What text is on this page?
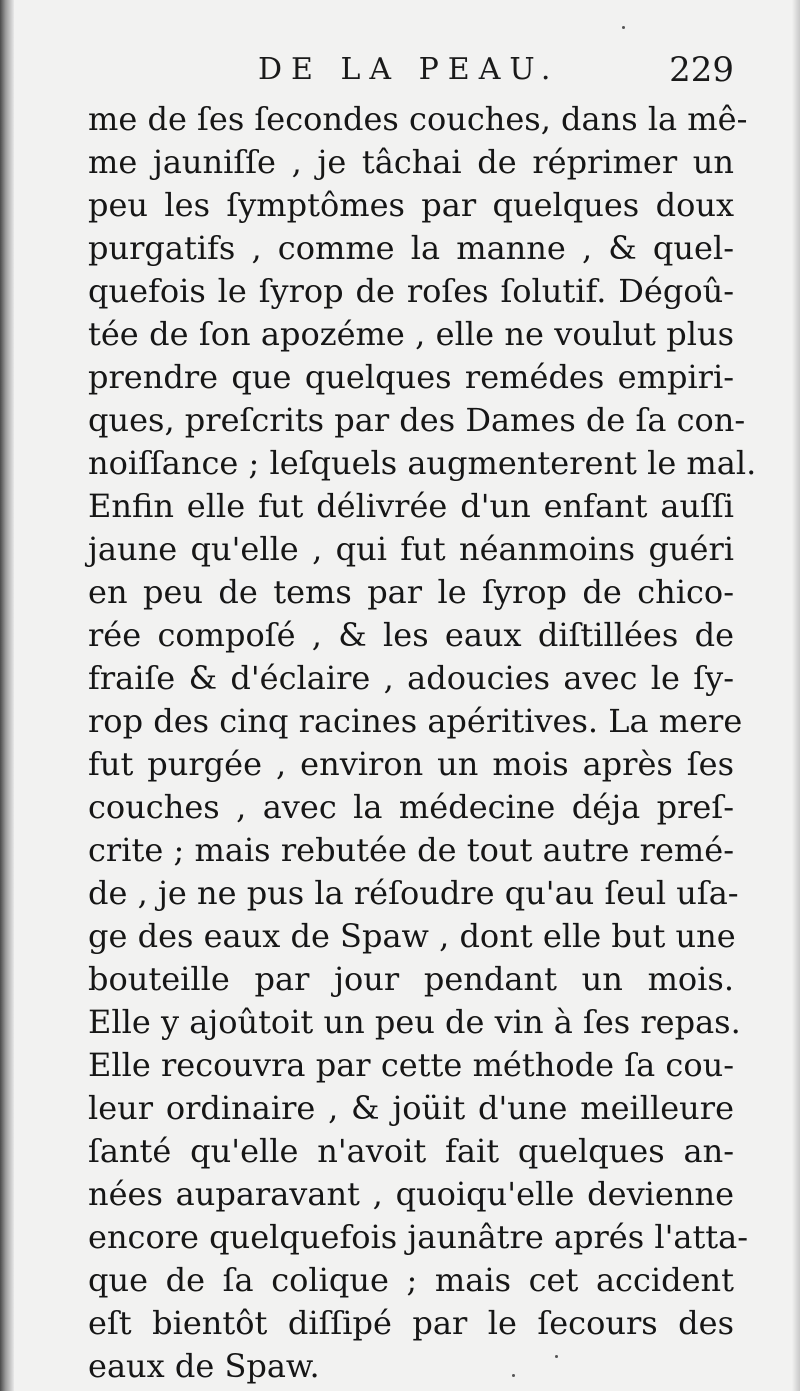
DE LA PEAU.	229
me de ſes ſecondes couches, dans la mê-
me jauniſſe , je tâchai de réprimer un
peu les ſymptômes par quelques doux
purgatifs , comme la manne , & quel-
quefois le ſyrop de roſes ſolutif. Dégoû-
tée de ſon apozéme , elle ne voulut plus
prendre que quelques remédes empiri-
ques, preſcrits par des Dames de ſa con-
noiſſance ; leſquels augmenterent le mal.
Enfin elle fut délivrée d'un enfant auſſi
jaune qu'elle , qui fut néanmoins guéri
en peu de tems par le ſyrop de chico-
rée compoſé , & les eaux diſtillées de
fraiſe & d'éclaire , adoucies avec le ſy-
rop des cinq racines apéritives. La mere
fut purgée , environ un mois après ſes
couches , avec la médecine déja preſ-
crite ; mais rebutée de tout autre remé-
de , je ne pus la réſoudre qu'au ſeul uſa-
ge des eaux de Spaw , dont elle but une
bouteille par jour pendant un mois.
Elle y ajoûtoit un peu de vin à ſes repas.
Elle recouvra par cette méthode ſa cou-
leur ordinaire , & joüit d'une meilleure
ſanté qu'elle n'avoit fait quelques an-
nées auparavant , quoiqu'elle devienne
encore quelquefois jaunâtre aprés l'atta-
que de ſa colique ; mais cet accident
eſt bientôt diſſipé par le ſecours des
eaux de Spaw.
